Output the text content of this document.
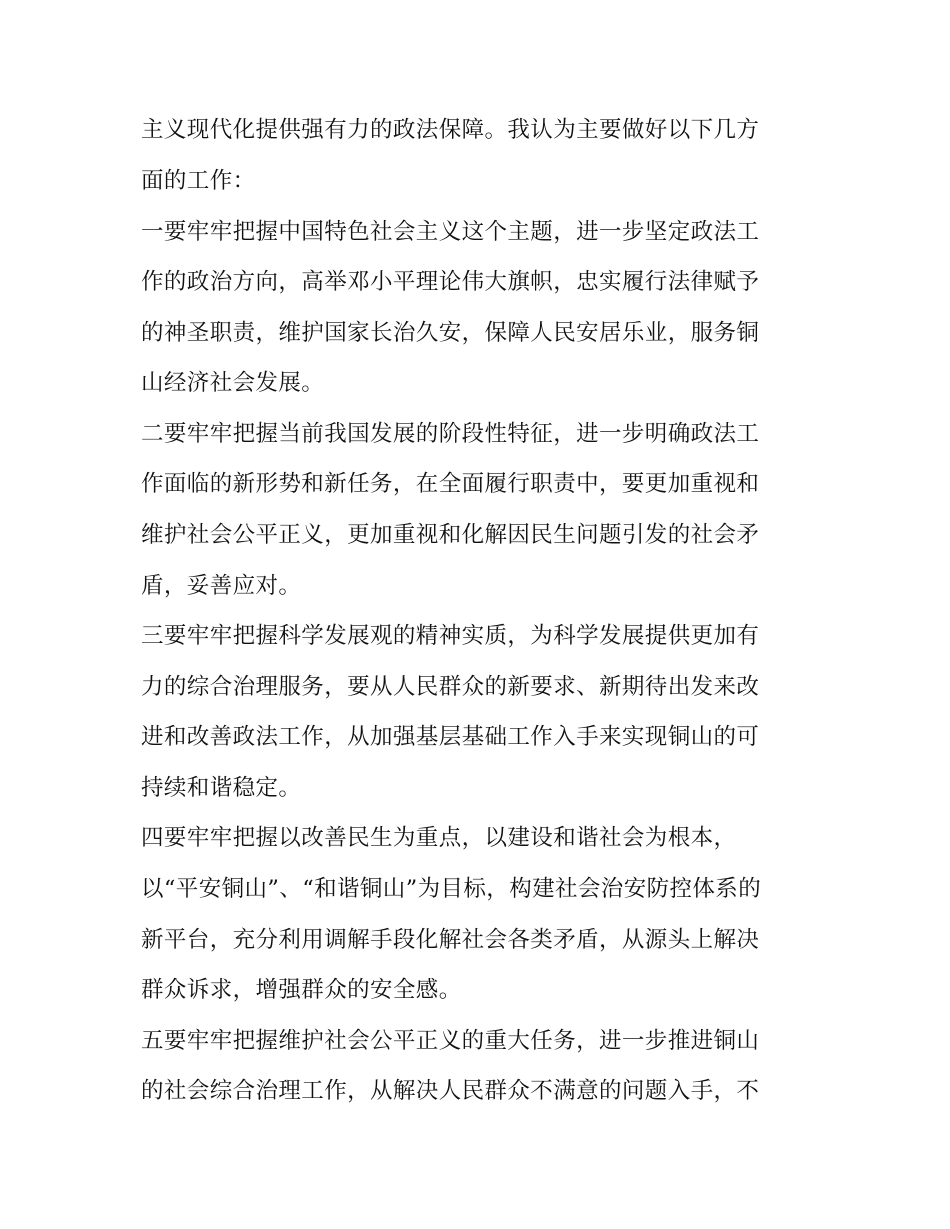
主义现代化提供强有力的政法保障。我认为主要做好以下几方
面的工作：
一要牢牢把握中国特色社会主义这个主题，进一步坚定政法工
作的政治方向，高举邓小平理论伟大旗帜，忠实履行法律赋予
的神圣职责，维护国家长治久安，保障人民安居乐业，服务铜
山经济社会发展。
二要牢牢把握当前我国发展的阶段性特征，进一步明确政法工
作面临的新形势和新任务，在全面履行职责中，要更加重视和
维护社会公平正义，更加重视和化解因民生问题引发的社会矛
盾，妥善应对。
三要牢牢把握科学发展观的精神实质，为科学发展提供更加有
力的综合治理服务，要从人民群众的新要求、新期待出发来改
进和改善政法工作，从加强基层基础工作入手来实现铜山的可
持续和谐稳定。
四要牢牢把握以改善民生为重点，以建设和谐社会为根本，
以“平安铜山”、“和谐铜山”为目标，构建社会治安防控体系的
新平台，充分利用调解手段化解社会各类矛盾，从源头上解决
群众诉求，增强群众的安全感。
五要牢牢把握维护社会公平正义的重大任务，进一步推进铜山
的社会综合治理工作，从解决人民群众不满意的问题入手，不
